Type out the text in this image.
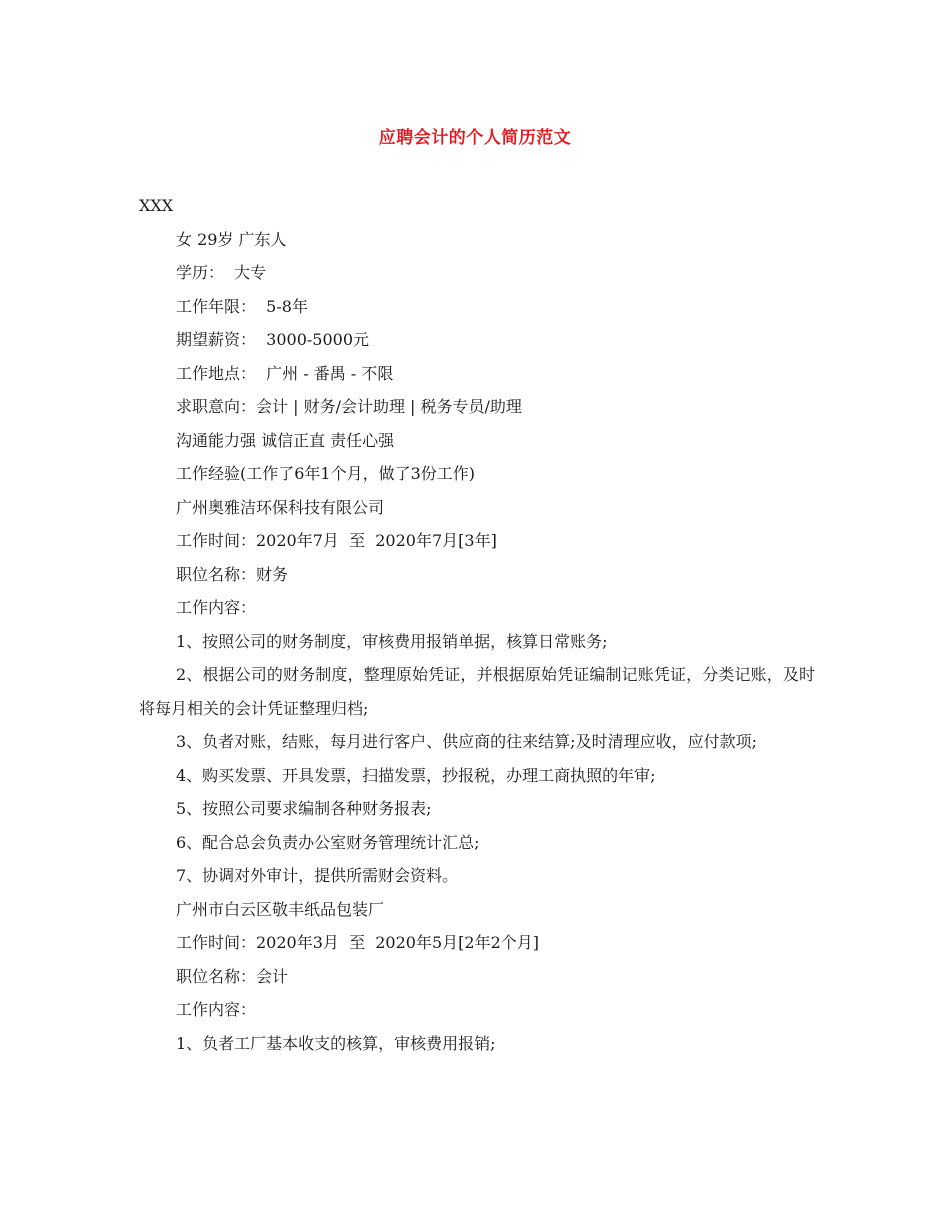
应聘会计的个人简历范文
XXX
女 29岁 广东人
学历：  大专
工作年限：  5-8年
期望薪资：  3000-5000元
工作地点：  广州 - 番禺 - 不限
求职意向：会计 | 财务/会计助理 | 税务专员/助理
沟通能力强 诚信正直 责任心强
工作经验(工作了6年1个月，做了3份工作)
广州奥雅洁环保科技有限公司
工作时间：2020年7月  至  2020年7月[3年]
职位名称：财务
工作内容：
1、按照公司的财务制度，审核费用报销单据，核算日常账务;
2、根据公司的财务制度，整理原始凭证，并根据原始凭证编制记账凭证，分类记账，及时将每月相关的会计凭证整理归档;
3、负者对账，结账，每月进行客户、供应商的往来结算;及时清理应收，应付款项;
4、购买发票、开具发票，扫描发票，抄报税，办理工商执照的年审;
5、按照公司要求编制各种财务报表;
6、配合总会负责办公室财务管理统计汇总;
7、协调对外审计，提供所需财会资料。
广州市白云区敬丰纸品包装厂
工作时间：2020年3月  至  2020年5月[2年2个月]
职位名称：会计
工作内容：
1、负者工厂基本收支的核算，审核费用报销;
